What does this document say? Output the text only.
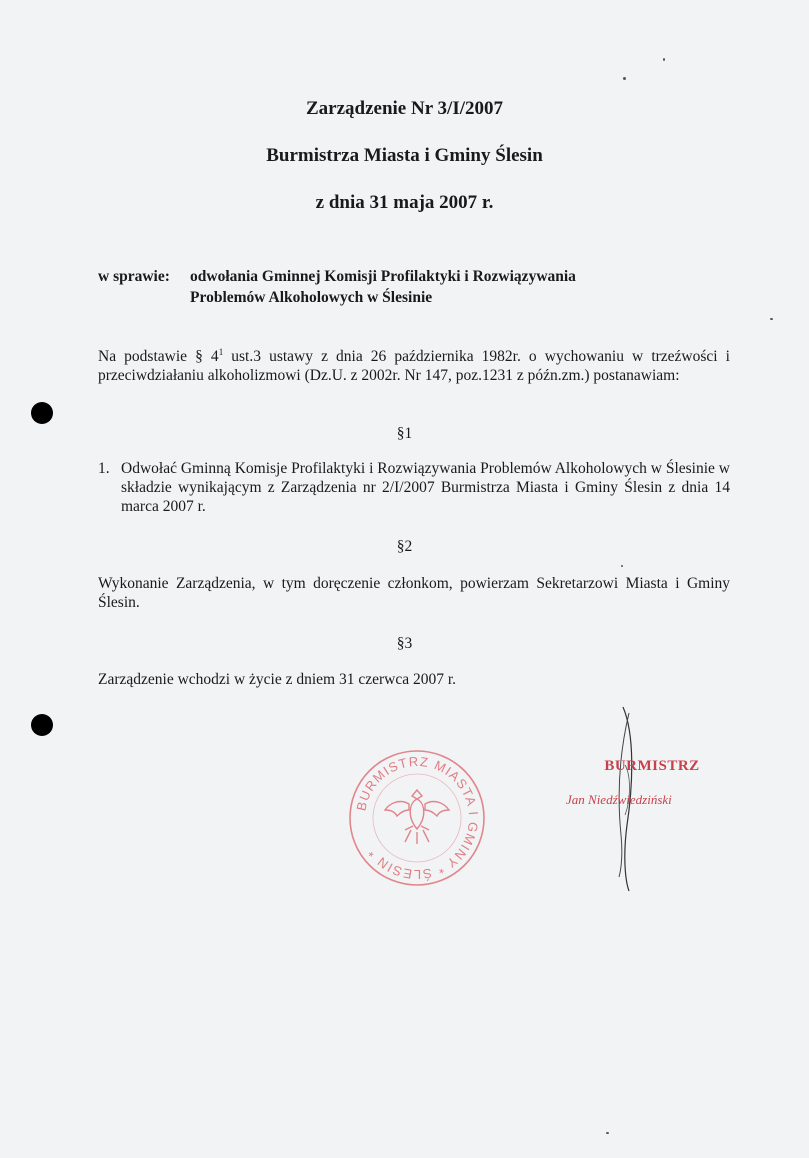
Zarządzenie Nr 3/I/2007
Burmistrza Miasta i Gminy Ślesin
z dnia 31 maja 2007 r.
w sprawie: odwołania Gminnej Komisji Profilaktyki i Rozwiązywania
Problemów Alkoholowych w Ślesinie
Na podstawie § $4^1$ ust.3 ustawy z dnia 26 października 1982r. o wychowaniu w trzeźwości i przeciwdziałaniu alkoholizmowi (Dz.U. z 2002r. Nr 147, poz.1231 z późn.zm.) postanawiam:
§1
1. Odwołać Gminną Komisje Profilaktyki i Rozwiązywania Problemów Alkoholowych w Ślesinie w składzie wynikającym z Zarządzenia nr 2/I/2007 Burmistrza Miasta i Gminy Ślesin z dnia 14 marca 2007 r.
§2
Wykonanie Zarządzenia, w tym doręczenie członkom, powierzam Sekretarzowi Miasta i Gminy Ślesin.
§3
Zarządzenie wchodzi w życie z dniem 31 czerwca 2007 r.
BURMISTRZ MIASTA I GMINY * ŚLESIN *
BURMISTRZ
Jan Niedźwiedziński
